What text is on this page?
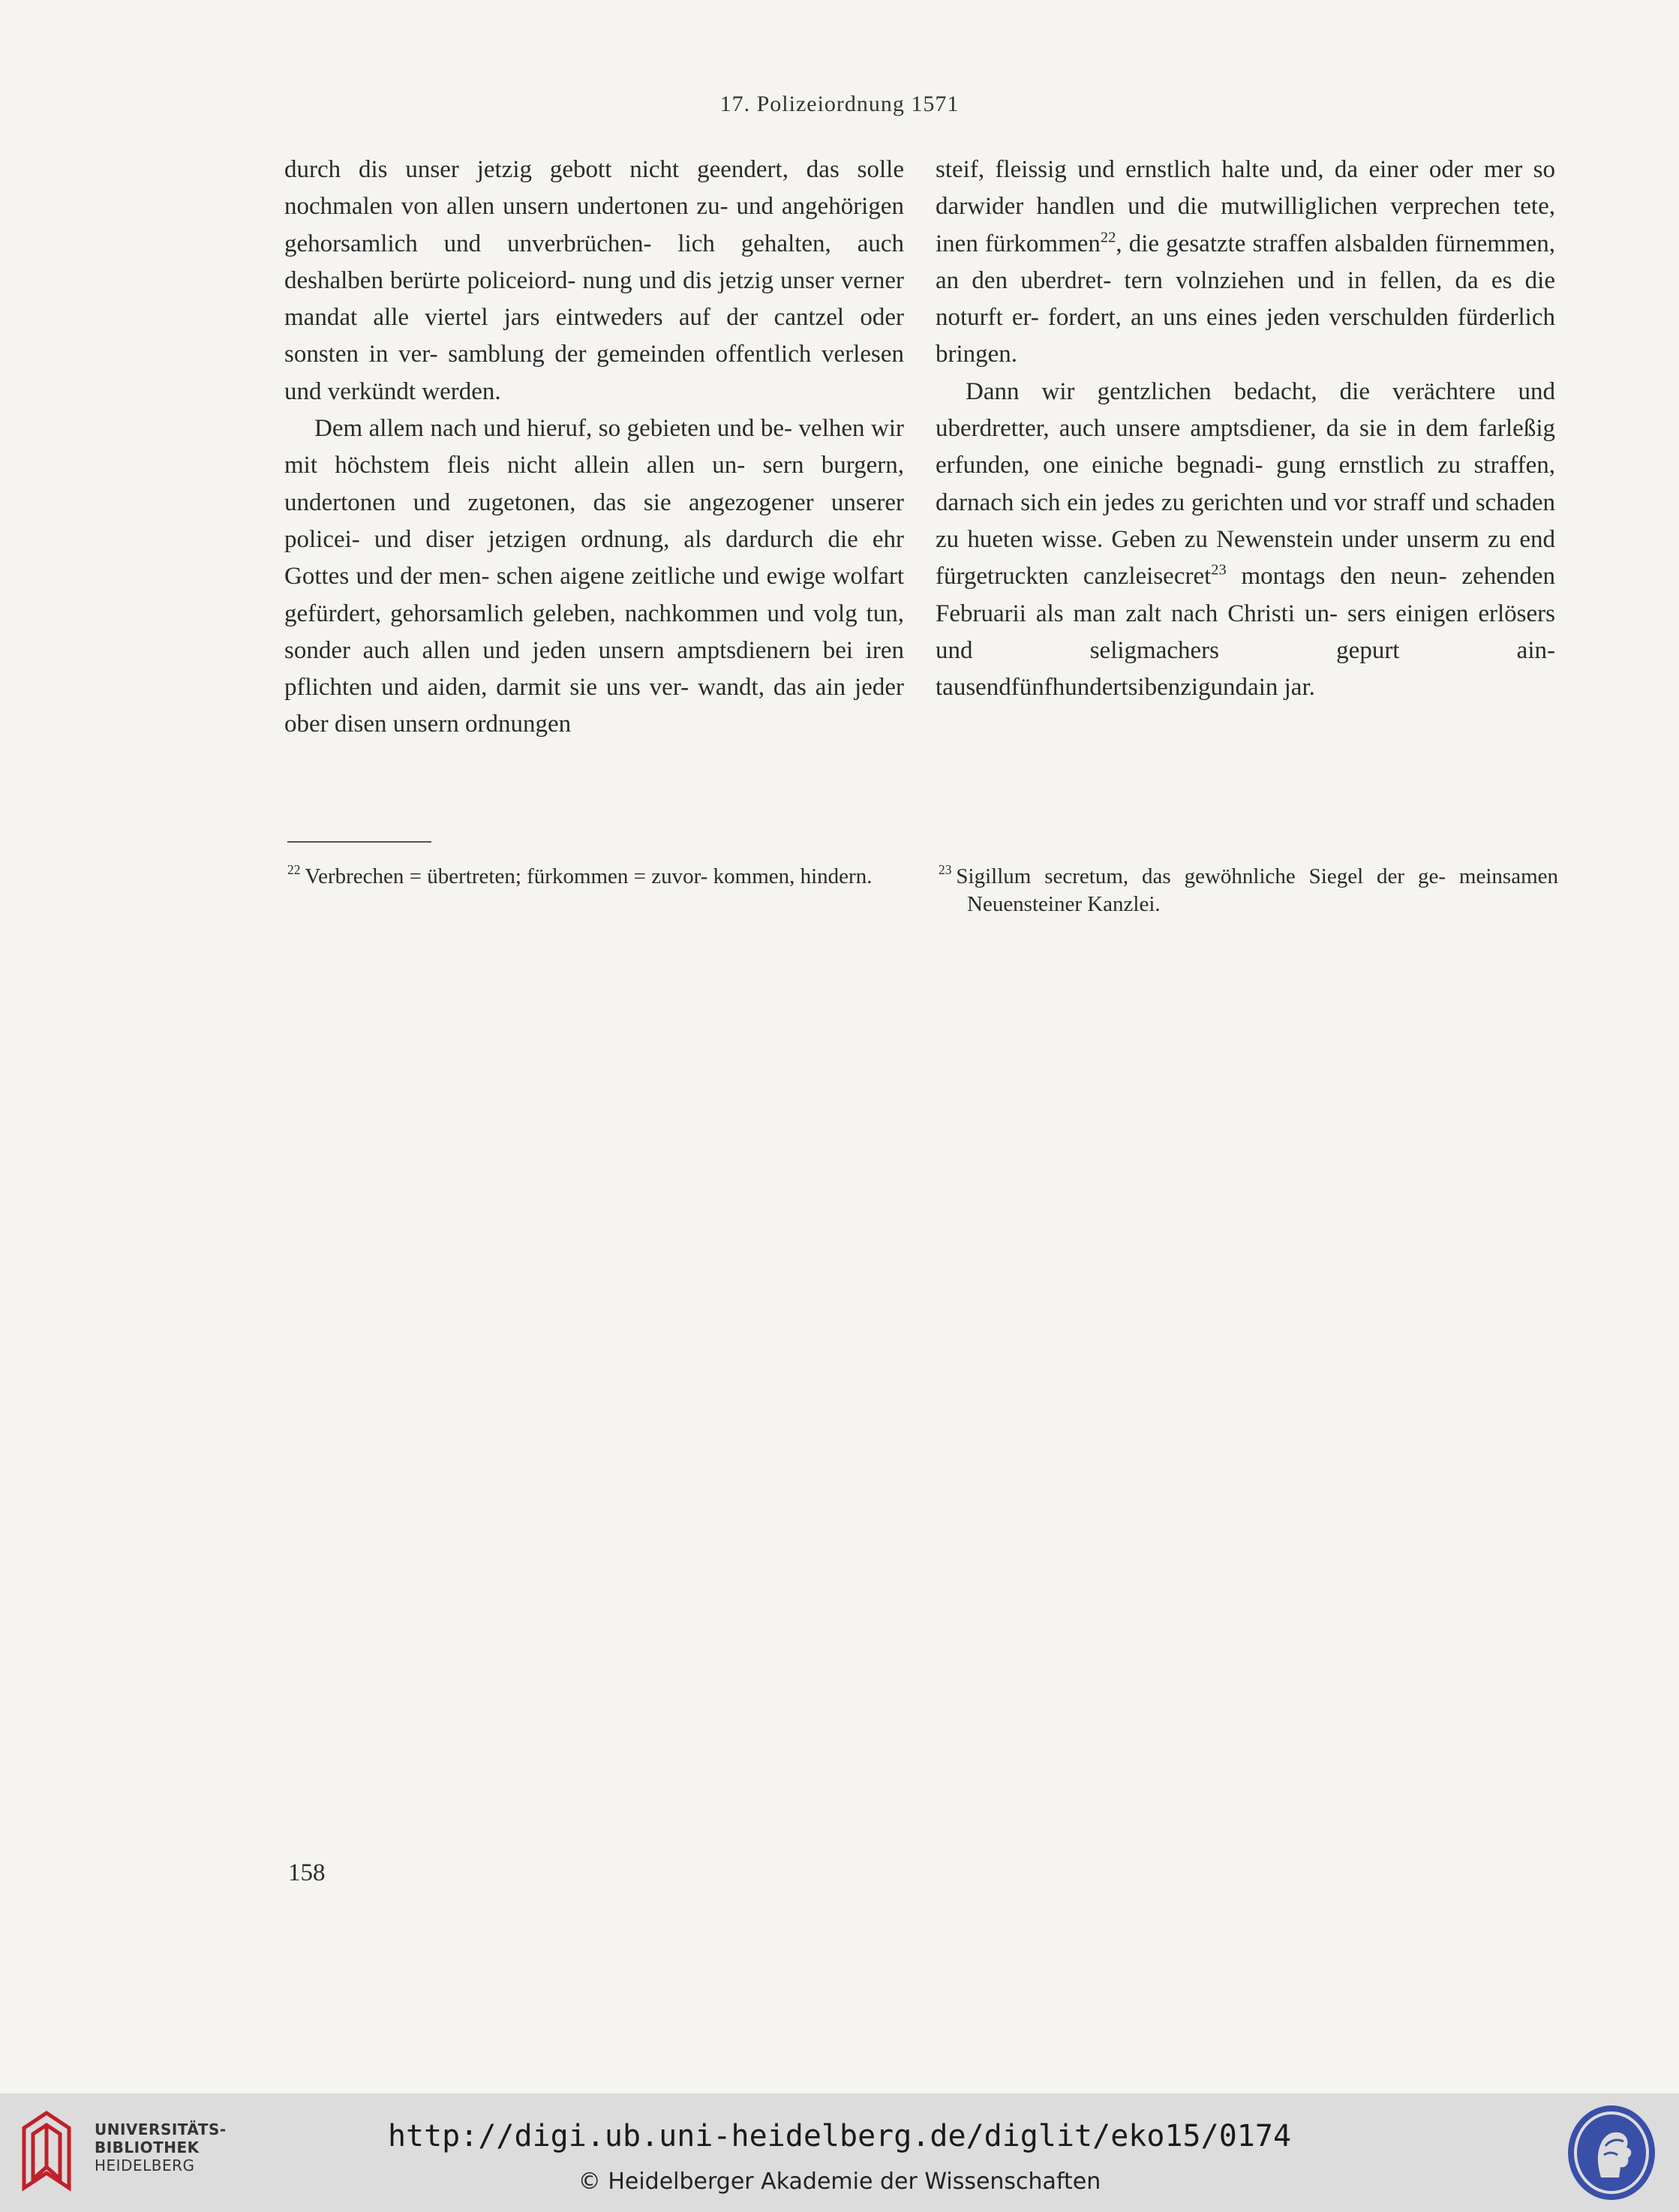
17. Polizeiordnung 1571

durch dis unser jetzig gebott nicht geendert, das solle nochmalen von allen unsern undertonen zu- und angehörigen gehorsamlich und unverbrüchen- lich gehalten, auch deshalben berürte policeiord- nung und dis jetzig unser verner mandat alle viertel jars eintweders auf der cantzel oder sonsten in ver- samblung der gemeinden offentlich verlesen und verkündt werden.

Dem allem nach und hieruf, so gebieten und be- velhen wir mit höchstem fleis nicht allein allen un- sern burgern, undertonen und zugetonen, das sie angezogener unserer policei- und diser jetzigen ordnung, als dardurch die ehr Gottes und der men- schen aigene zeitliche und ewige wolfart gefürdert, gehorsamlich geleben, nachkommen und volg tun, sonder auch allen und jeden unsern amptsdienern bei iren pflichten und aiden, darmit sie uns ver- wandt, das ain jeder ober disen unsern ordnungen

steif, fleissig und ernstlich halte und, da einer oder mer so darwider handlen und die mutwilliglichen verprechen tete, inen fürkommen$^{22}$, die gesatzte straffen alsbalden fürnemmen, an den uberdret- tern volnziehen und in fellen, da es die noturft er- fordert, an uns eines jeden verschulden fürderlich bringen.

Dann wir gentzlichen bedacht, die verächtere und uberdretter, auch unsere amptsdiener, da sie in dem farleßig erfunden, one einiche begnadi- gung ernstlich zu straffen, darnach sich ein jedes zu gerichten und vor straff und schaden zu hueten wisse. Geben zu Newenstein under unserm zu end fürgetruckten canzleisecret$^{23}$ montags den neun- zehenden Februarii als man zalt nach Christi un- sers einigen erlösers und seligmachers gepurt ain- tausendfünfhundertsibenzigundain jar.

$^{22}$ Verbrechen = übertreten; fürkommen = zuvor- kommen, hindern.	$^{23}$ Sigillum secretum, das gewöhnliche Siegel der ge- meinsamen Neuensteiner Kanzlei.
158
UNIVERSITÄTS-
BIBLIOTHEK
HEIDELBERG
http://digi.ub.uni-heidelberg.de/diglit/eko15/0174
© Heidelberger Akademie der Wissenschaften
